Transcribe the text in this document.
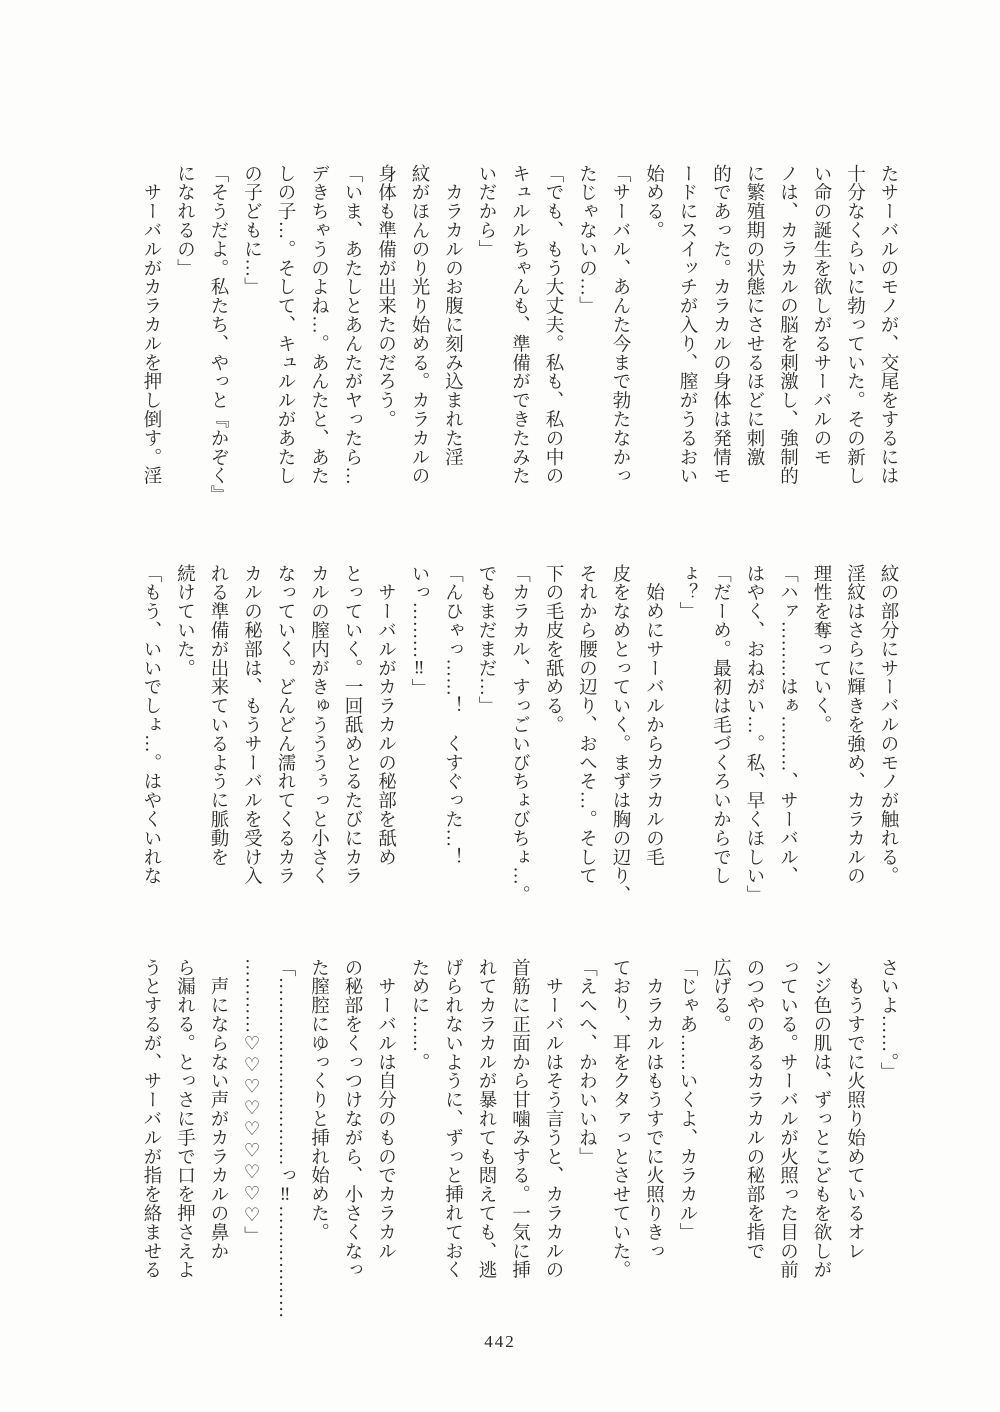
たサーバルのモノが、交尾をするには
十分なくらいに勃っていた。その新し
い命の誕生を欲しがるサーバルのモ
ノは、カラカルの脳を刺激し、強制的
に繁殖期の状態にさせるほどに刺激
的であった。カラカルの身体は発情モ
ードにスイッチが入り、膣がうるおい
始める。
「サーバル、あんた今まで勃たなかっ
たじゃないの…」
「でも、もう大丈夫。私も、私の中の
キュルルちゃんも、準備ができたみた
いだから」
　カラカルのお腹に刻み込まれた淫
紋がほんのり光り始める。カラカルの
身体も準備が出来たのだろう。
「いま、あたしとあんたがヤったら…
デきちゃうのよね…。あんたと、あた
しの子…。そして、キュルルがあたし
の子どもに…」
「そうだよ。私たち、やっと『かぞく』
になれるの」
　サーバルがカラカルを押し倒す。淫
紋の部分にサーバルのモノが触れる。
淫紋はさらに輝きを強め、カラカルの
理性を奪っていく。
「ハァ………はぁ………、サーバル、
はやく、おねがい…。私、早くほしい」
「だーめ。最初は毛づくろいからでし
ょ？」
　始めにサーバルからカラカルの毛
皮をなめとっていく。まずは胸の辺り、
それから腰の辺り、おへそ…。そして
下の毛皮を舐める。
「カラカル、すっごいびちょびちょ…。
でもまだまだ…」
「んひゃっ……！　くすぐった…！
いっ………‼」
　サーバルがカラカルの秘部を舐め
とっていく。一回舐めとるたびにカラ
カルの膣内がきゅうううぅっと小さく
なっていく。どんどん濡れてくるカラ
カルの秘部は、もうサーバルを受け入
れる準備が出来ているように脈動を
続けていた。
「もう、いいでしょ…。はやくいれな
さいよ……。」
　もうすでに火照り始めているオレ
ンジ色の肌は、ずっとこどもを欲しが
っている。サーバルが火照った目の前
のつやのあるカラカルの秘部を指で
広げる。
「じゃあ……いくよ、カラカル」
　カラカルはもうすでに火照りきっ
ており、耳をクタァっとさせていた。
「えへへ、かわいいね」
　サーバルはそう言うと、カラカルの
首筋に正面から甘噛みする。一気に挿
れてカラカルが暴れても悶えても、逃
げられないように、ずっと挿れておく
ために……。
　サーバルは自分のものでカラカル
の秘部をくっつけながら、小さくなっ
た膣腔にゆっくりと挿れ始めた。
「…………………………っ‼………………
…………♡♡♡♡♡♡♡♡♡」
　声にならない声がカラカルの鼻か
ら漏れる。とっさに手で口を押さえよ
うとするが、サーバルが指を絡ませる
442
